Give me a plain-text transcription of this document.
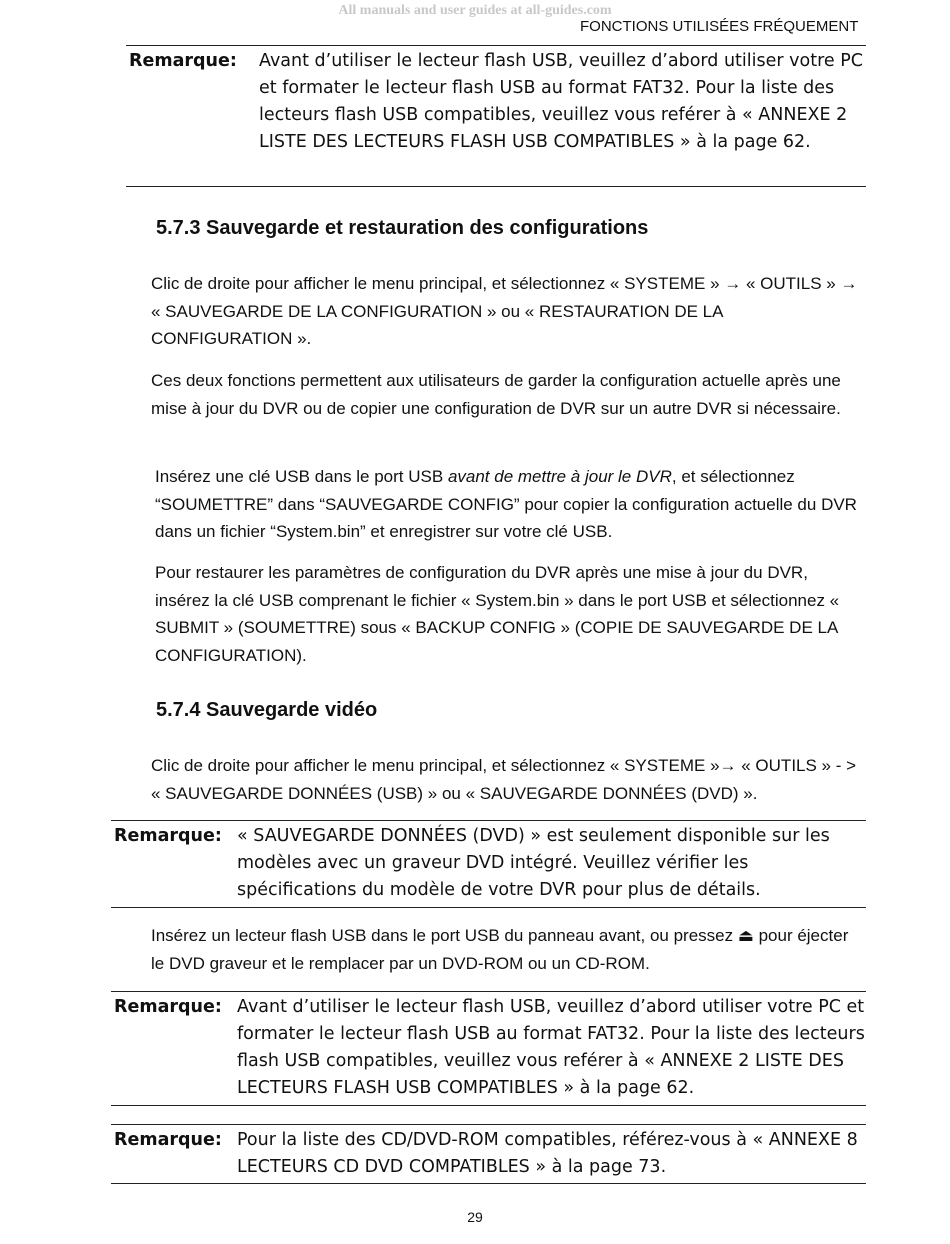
All manuals and user guides at all-guides.com
FONCTIONS UTILISÉES FRÉQUEMENT
Remarque:	Avant d’utiliser le lecteur flash USB, veuillez d’abord utiliser votre PC et formater le lecteur flash USB au format FAT32. Pour la liste des lecteurs flash USB compatibles, veuillez vous reférer à « ANNEXE 2 LISTE DES LECTEURS FLASH USB COMPATIBLES » à la page 62.
5.7.3 Sauvegarde et restauration des configurations

Clic de droite pour afficher le menu principal, et sélectionnez « SYSTEME » → « OUTILS » → « SAUVEGARDE DE LA CONFIGURATION » ou « RESTAURATION DE LA CONFIGURATION ».

Ces deux fonctions permettent aux utilisateurs de garder la configuration actuelle après une mise à jour du DVR ou de copier une configuration de DVR sur un autre DVR si nécessaire.

Insérez une clé USB dans le port USB avant de mettre à jour le DVR, et sélectionnez “SOUMETTRE” dans “SAUVEGARDE CONFIG” pour copier la configuration actuelle du DVR dans un fichier “System.bin” et enregistrer sur votre clé USB.

Pour restaurer les paramètres de configuration du DVR après une mise à jour du DVR, insérez la clé USB comprenant le fichier « System.bin » dans le port USB et sélectionnez « SUBMIT » (SOUMETTRE) sous « BACKUP CONFIG » (COPIE DE SAUVEGARDE DE LA CONFIGURATION).

5.7.4 Sauvegarde vidéo

Clic de droite pour afficher le menu principal, et sélectionnez « SYSTEME »→ « OUTILS » - > « SAUVEGARDE DONNÉES (USB) » ou « SAUVEGARDE DONNÉES (DVD) ».

Remarque: « SAUVEGARDE DONNÉES (DVD) » est seulement disponible sur les modèles avec un graveur DVD intégré. Veuillez vérifier les spécifications du modèle de votre DVR pour plus de détails.

Insérez un lecteur flash USB dans le port USB du panneau avant, ou pressez ⏏ pour éjecter le DVD graveur et le remplacer par un DVD-ROM ou un CD-ROM.

Remarque: Avant d’utiliser le lecteur flash USB, veuillez d’abord utiliser votre PC et formater le lecteur flash USB au format FAT32. Pour la liste des lecteurs flash USB compatibles, veuillez vous reférer à « ANNEXE 2 LISTE DES LECTEURS FLASH USB COMPATIBLES » à la page 62.
Remarque: Pour la liste des CD/DVD-ROM compatibles, référez-vous à « ANNEXE 8 LECTEURS CD DVD COMPATIBLES » à la page 73.
29
